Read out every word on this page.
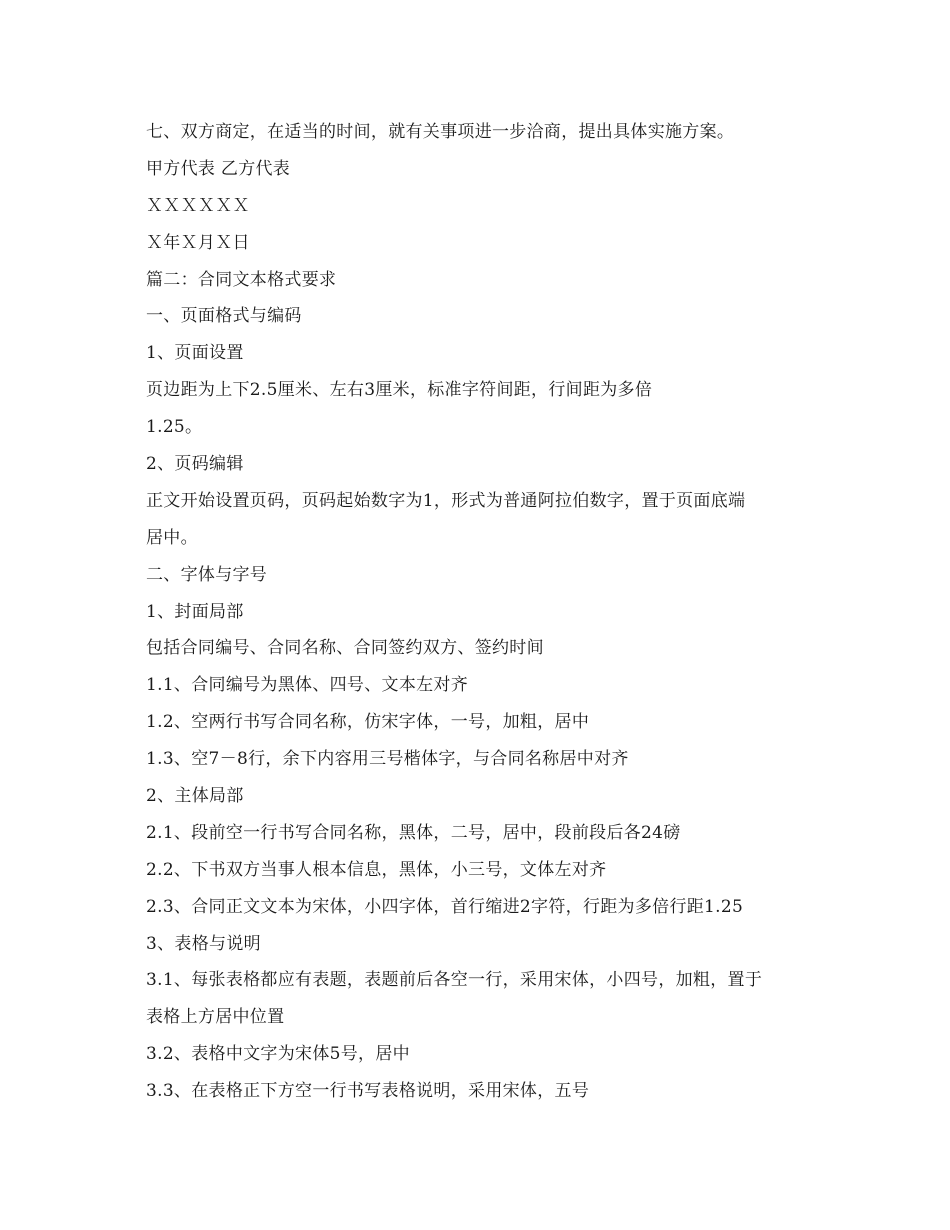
七、双方商定，在适当的时间，就有关事项进一步洽商，提出具体实施方案。

甲方代表 乙方代表

ＸＸＸＸＸＸ

Ｘ年Ｘ月Ｘ日

篇二：合同文本格式要求

一、页面格式与编码

1、页面设置

页边距为上下2.5厘米、左右3厘米，标准字符间距，行间距为多倍

1.25。

2、页码编辑

正文开始设置页码，页码起始数字为1，形式为普通阿拉伯数字，置于页面底端

居中。

二、字体与字号

1、封面局部

包括合同编号、合同名称、合同签约双方、签约时间

1.1、合同编号为黑体、四号、文本左对齐

1.2、空两行书写合同名称，仿宋字体，一号，加粗，居中

1.3、空7－8行，余下内容用三号楷体字，与合同名称居中对齐

2、主体局部

2.1、段前空一行书写合同名称，黑体，二号，居中，段前段后各24磅

2.2、下书双方当事人根本信息，黑体，小三号，文体左对齐

2.3、合同正文文本为宋体，小四字体，首行缩进2字符，行距为多倍行距1.25

3、表格与说明

3.1、每张表格都应有表题，表题前后各空一行，采用宋体，小四号，加粗，置于

表格上方居中位置

3.2、表格中文字为宋体5号，居中

3.3、在表格正下方空一行书写表格说明，采用宋体，五号
